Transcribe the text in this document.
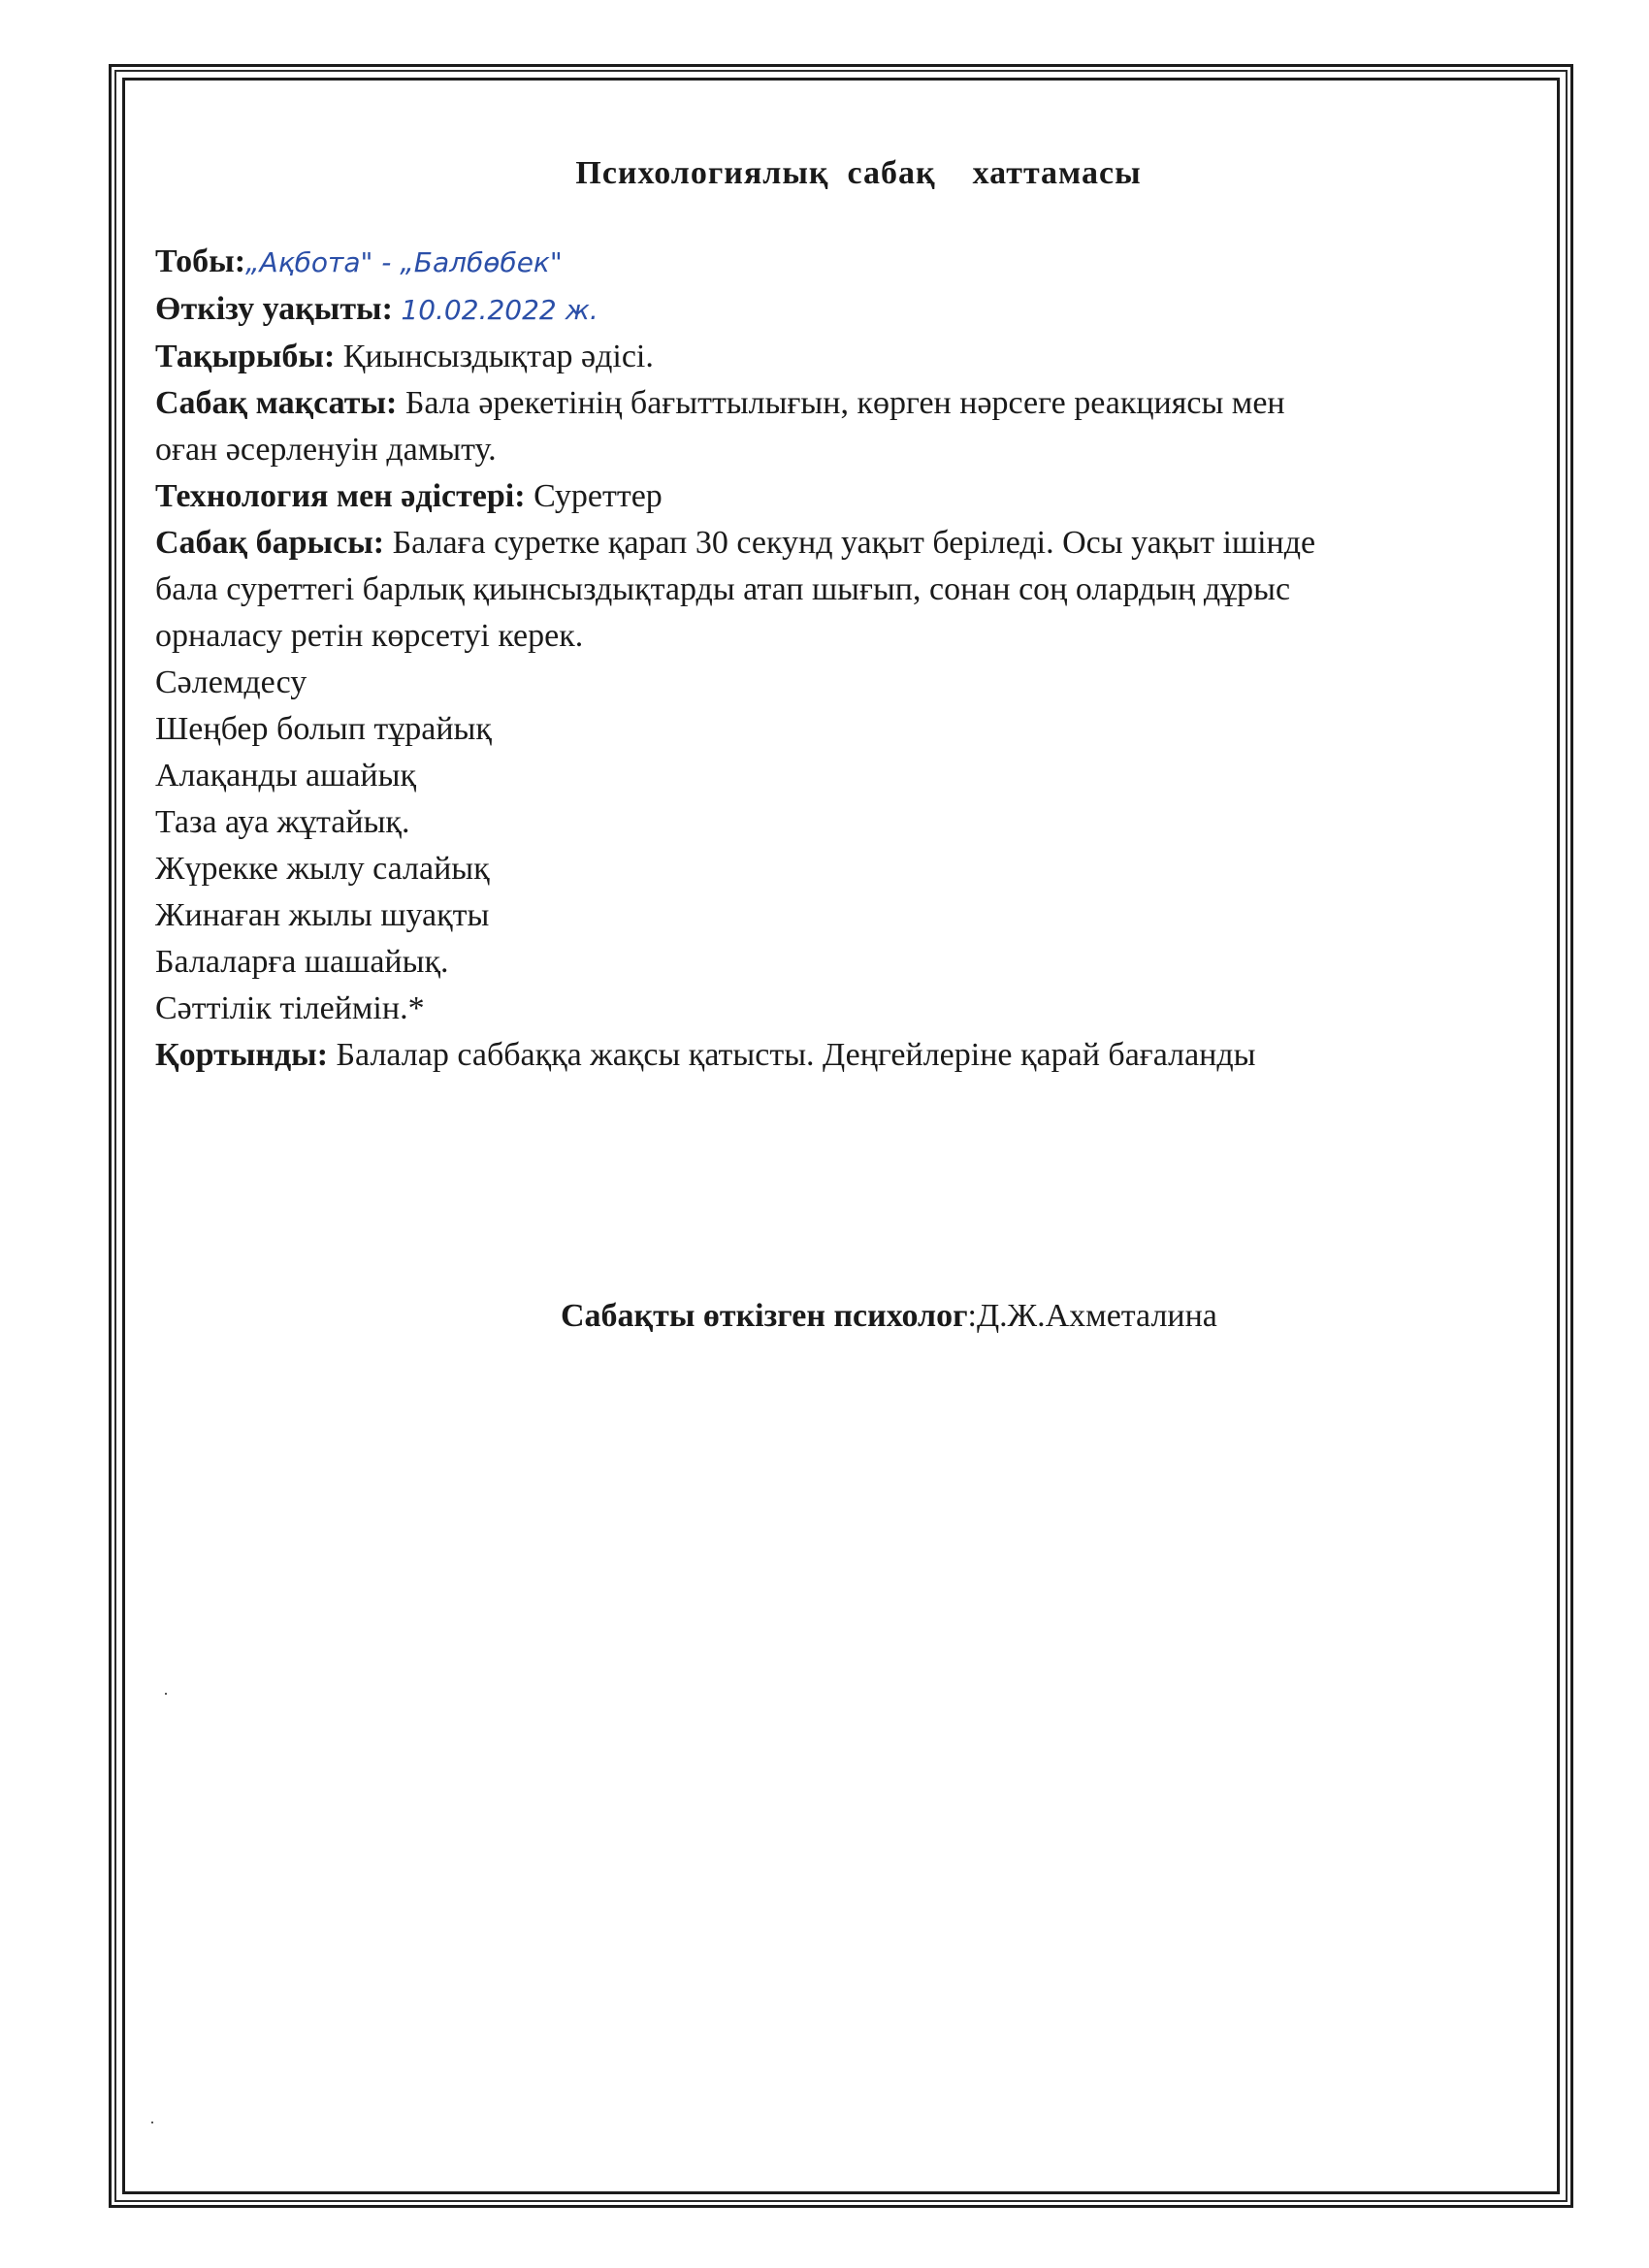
Психологиялық  сабақ    хаттамасы
Тобы:„Ақбота" - „Балбөбек"
Өткізу уақыты: 10.02.2022 ж.
Тақырыбы: Қиынсыздықтар әдісі.
Сабақ мақсаты: Бала әрекетінің бағыттылығын, көрген нәрсеге реакциясы мен
оған әсерленуін дамыту.
Технология мен әдістері: Суреттер
Сабақ барысы: Балаға суретке қарап 30 секунд уақыт беріледі. Осы уақыт ішінде
бала суреттегі барлық қиынсыздықтарды атап шығып, сонан соң олардың дұрыс
орналасу ретін көрсетуі керек.
Сәлемдесу
Шеңбер болып тұрайық
Алақанды ашайық
Таза ауа жұтайық.
Жүрекке жылу салайық
Жинаған жылы шуақты
Балаларға шашайық.
Сәттілік тілеймін.*
Қортынды: Балалар саббаққа жақсы қатысты. Деңгейлеріне қарай бағаланды
Сабақты өткізген психолог:Д.Ж.Ахметалина
